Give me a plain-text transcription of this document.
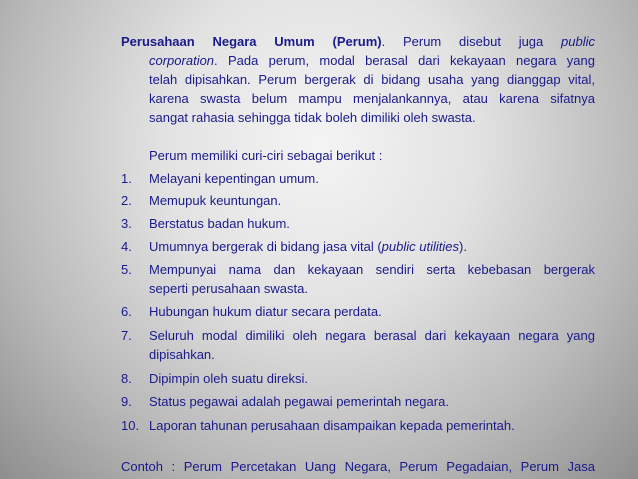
Perusahaan Negara Umum (Perum). Perum disebut juga public
corporation. Pada perum, modal berasal dari kekayaan negara yang
telah dipisahkan. Perum bergerak di bidang usaha yang dianggap vital,
karena swasta belum mampu menjalankannya, atau karena sifatnya
sangat rahasia sehingga tidak boleh dimiliki oleh swasta.
Perum memiliki curi-ciri sebagai berikut :
1. Melayani kepentingan umum.
2. Memupuk keuntungan.
3. Berstatus badan hukum.
4. Umumnya bergerak di bidang jasa vital (public utilities).
5. Mempunyai nama dan kekayaan sendiri serta kebebasan bergerak
seperti perusahaan swasta.
6. Hubungan hukum diatur secara perdata.
7. Seluruh modal dimiliki oleh negara berasal dari kekayaan negara yang
dipisahkan.
8. Dipimpin oleh suatu direksi.
9. Status pegawai adalah pegawai pemerintah negara.
10. Laporan tahunan perusahaan disampaikan kepada pemerintah.
Contoh : Perum Percetakan Uang Negara, Perum Pegadaian, Perum Jasa
